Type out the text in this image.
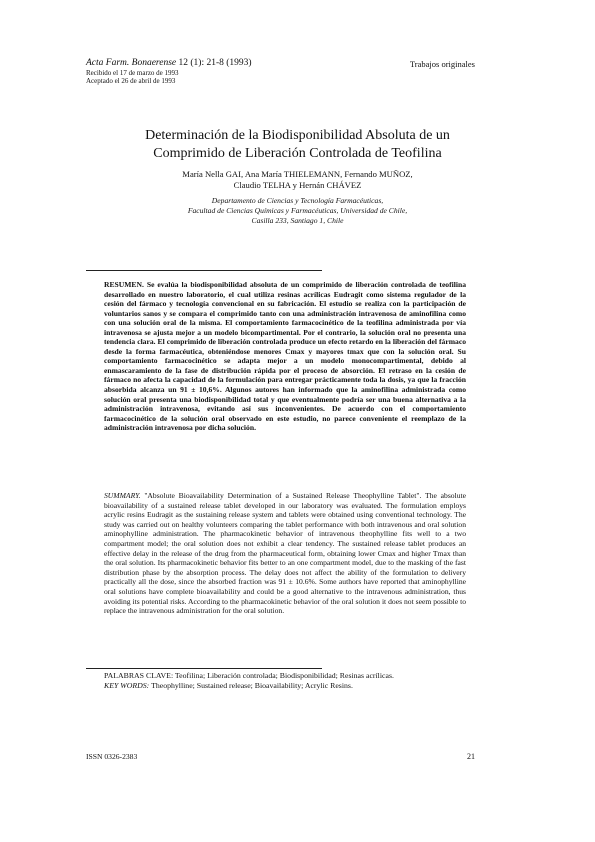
Acta Farm. Bonaerense 12 (1): 21-8 (1993)	Trabajos originales
Recibido el 17 de marzo de 1993
Aceptado el 26 de abril de 1993
Determinación de la Biodisponibilidad Absoluta de un
Comprimido de Liberación Controlada de Teofilina
María Nella GAI, Ana María THIELEMANN, Fernando MUÑOZ,
Claudio TELHA y Hernán CHÁVEZ
Departamento de Ciencias y Tecnología Farmacéuticas,
Facultad de Ciencias Químicas y Farmacéuticas, Universidad de Chile,
Casilla 233, Santiago 1, Chile
RESUMEN. Se evalúa la biodisponibilidad absoluta de un comprimido de liberación controlada de teofilina desarrollado en nuestro laboratorio, el cual utiliza resinas acrílicas Eudragit como sistema regulador de la cesión del fármaco y tecnología convencional en su fabricación. El estudio se realiza con la participación de voluntarios sanos y se compara el comprimido tanto con una administración intravenosa de aminofilina como con una solución oral de la misma. El comportamiento farmacocinético de la teofilina administrada por vía intravenosa se ajusta mejor a un modelo bicompartimental. Por el contrario, la solución oral no presenta una tendencia clara. El comprimido de liberación controlada produce un efecto retardo en la liberación del fármaco desde la forma farmacéutica, obteniéndose menores Cmax y mayores tmax que con la solución oral. Su comportamiento farmacocinético se adapta mejor a un modelo monocompartimental, debido al enmascaramiento de la fase de distribución rápida por el proceso de absorción. El retraso en la cesión de fármaco no afecta la capacidad de la formulación para entregar prácticamente toda la dosis, ya que la fracción absorbida alcanza un 91 ± 10,6%. Algunos autores han informado que la aminofilina administrada como solución oral presenta una biodisponibilidad total y que eventualmente podría ser una buena alternativa a la administración intravenosa, evitando así sus inconvenientes. De acuerdo con el comportamiento farmacocinético de la solución oral observado en este estudio, no parece conveniente el reemplazo de la administración intravenosa por dicha solución.
SUMMARY. "Absolute Bioavailability Determination of a Sustained Release Theophylline Tablet". The absolute bioavailability of a sustained release tablet developed in our laboratory was evaluated. The formulation employs acrylic resins Eudragit as the sustaining release system and tablets were obtained using conventional technology. The study was carried out on healthy volunteers comparing the tablet performance with both intravenous and oral solution aminophylline administration. The pharmacokinetic behavior of intravenous theophylline fits well to a two compartment model; the oral solution does not exhibit a clear tendency. The sustained release tablet produces an effective delay in the release of the drug from the pharmaceutical form, obtaining lower Cmax and higher Tmax than the oral solution. Its pharmacokinetic behavior fits better to an one compartment model, due to the masking of the fast distribution phase by the absorption process. The delay does not affect the ability of the formulation to delivery practically all the dose, since the absorbed fraction was 91 ± 10.6%. Some authors have reported that aminophylline oral solutions have complete bioavailability and could be a good alternative to the intravenous administration, thus avoiding its potential risks. According to the pharmacokinetic behavior of the oral solution it does not seem possible to replace the intravenous administration for the oral solution.
PALABRAS CLAVE: Teofilina; Liberación controlada; Biodisponibilidad; Resinas acrílicas.
KEY WORDS: Theophylline; Sustained release; Bioavailability; Acrylic Resins.
ISSN 0326-2383	21
